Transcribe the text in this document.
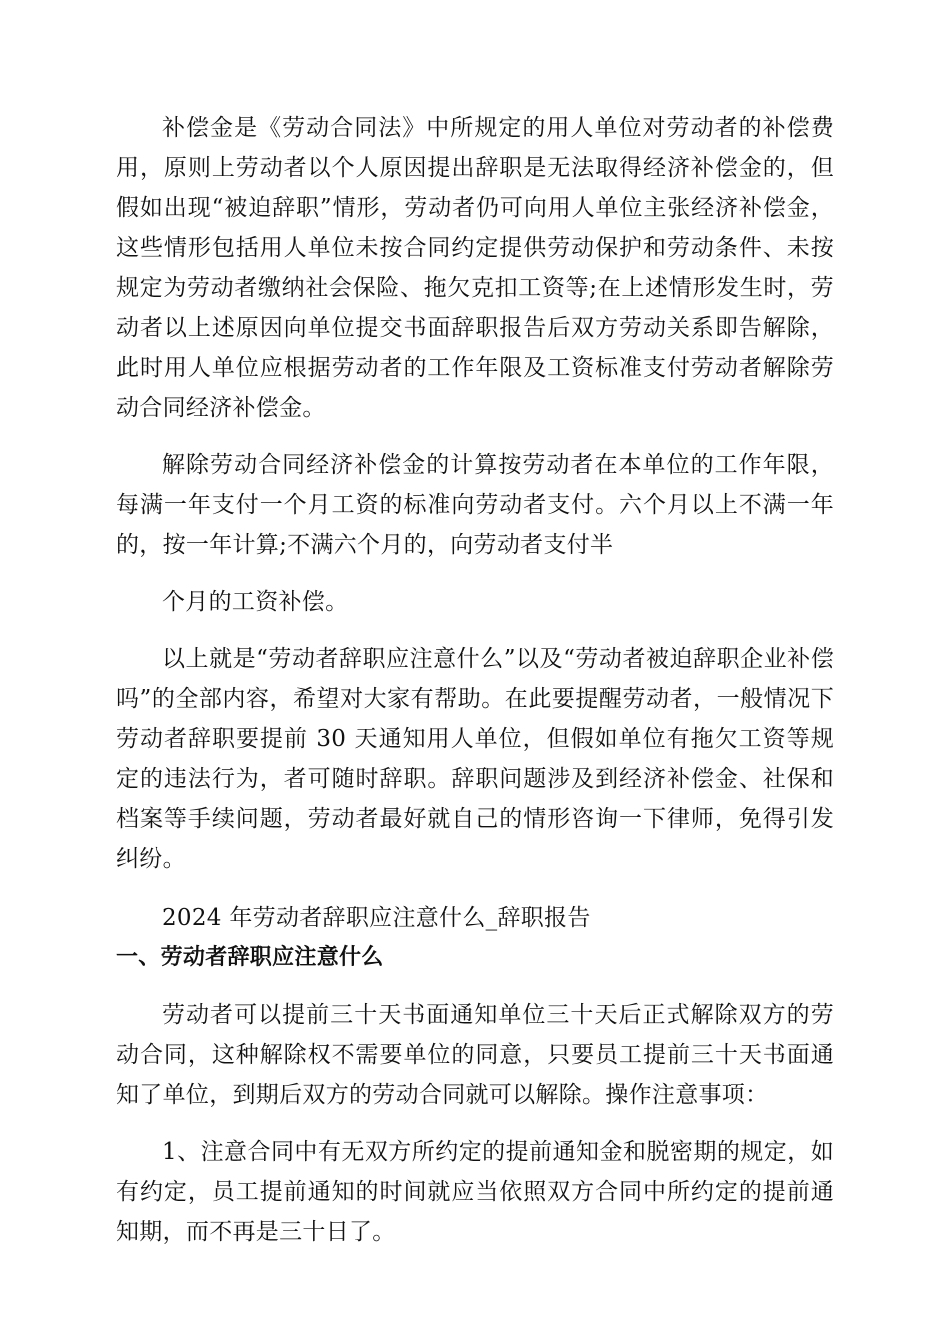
补偿金是《劳动合同法》中所规定的用人单位对劳动者的补偿费用，原则上劳动者以个人原因提出辞职是无法取得经济补偿金的，但假如出现“被迫辞职”情形，劳动者仍可向用人单位主张经济补偿金，这些情形包括用人单位未按合同约定提供劳动保护和劳动条件、未按规定为劳动者缴纳社会保险、拖欠克扣工资等;在上述情形发生时，劳动者以上述原因向单位提交书面辞职报告后双方劳动关系即告解除，此时用人单位应根据劳动者的工作年限及工资标准支付劳动者解除劳动合同经济补偿金。

解除劳动合同经济补偿金的计算按劳动者在本单位的工作年限，每满一年支付一个月工资的标准向劳动者支付。六个月以上不满一年的，按一年计算;不满六个月的，向劳动者支付半

个月的工资补偿。

以上就是“劳动者辞职应注意什么”以及“劳动者被迫辞职企业补偿吗”的全部内容，希望对大家有帮助。在此要提醒劳动者，一般情况下劳动者辞职要提前 30 天通知用人单位，但假如单位有拖欠工资等规定的违法行为，者可随时辞职。辞职问题涉及到经济补偿金、社保和档案等手续问题，劳动者最好就自己的情形咨询一下律师，免得引发纠纷。

2024 年劳动者辞职应注意什么_辞职报告

一、劳动者辞职应注意什么

劳动者可以提前三十天书面通知单位三十天后正式解除双方的劳动合同，这种解除权不需要单位的同意，只要员工提前三十天书面通知了单位，到期后双方的劳动合同就可以解除。操作注意事项：

1、注意合同中有无双方所约定的提前通知金和脱密期的规定，如有约定，员工提前通知的时间就应当依照双方合同中所约定的提前通知期，而不再是三十日了。
